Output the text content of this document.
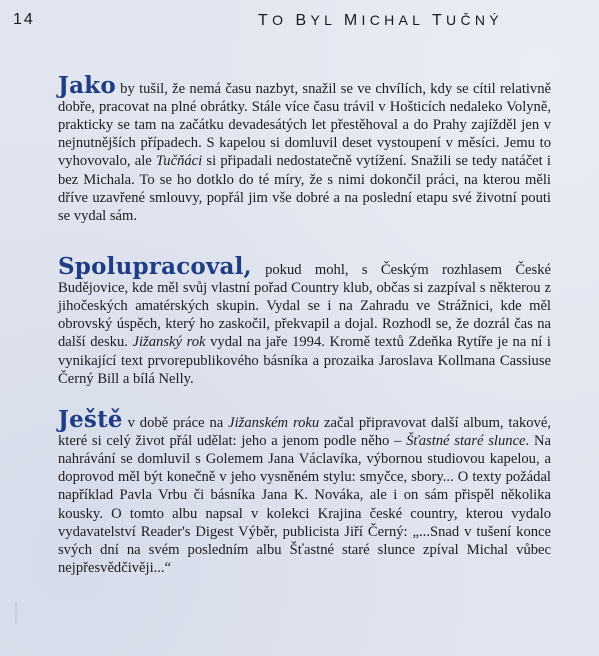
14	TO BYL MICHAL TUČNÝ

Jako by tušil, že nemá času nazbyt, snažil se ve chvílích, kdy se cítil relativně dobře, pracovat na plné obrátky. Stále více času trávil v Hošticích nedaleko Volyně, prakticky se tam na začátku devadesátých let přestěhoval a do Prahy zajížděl jen v nejnutnějších případech. S kapelou si domluvil deset vystoupení v měsíci. Jemu to vyhovovalo, ale Tučňáci si připadali nedostatečně vytížení. Snažili se tedy natáčet i bez Michala. To se ho dotklo do té míry, že s nimi dokončil práci, na kterou měli dříve uzavřené smlouvy, popřál jim vše dobré a na poslední etapu své životní pouti se vydal sám.

Spolupracoval, pokud mohl, s Českým rozhlasem České Budějovice, kde měl svůj vlastní pořad Country klub, občas si zazpíval s některou z jihočeských amatérských skupin. Vydal se i na Zahradu ve Strážnici, kde měl obrovský úspěch, který ho zaskočil, překvapil a dojal. Rozhodl se, že dozrál čas na další desku. Jižanský rok vydal na jaře 1994. Kromě textů Zdeňka Rytíře je na ní i vynikající text prvorepublikového básníka a prozaika Jaroslava Kollmana Cassiuse Černý Bill a bílá Nelly.

Ještě v době práce na Jižanském roku začal připravovat další album, takové, které si celý život přál udělat: jeho a jenom podle něho – Šťastné staré slunce. Na nahrávání se domluvil s Golemem Jana Václavíka, výbornou studiovou kapelou, a doprovod měl být konečně v jeho vysněném stylu: smyčce, sbory... O texty požádal například Pavla Vrbu či básníka Jana K. Nováka, ale i on sám přispěl několika kousky. O tomto albu napsal v kolekci Krajina české country, kterou vydalo vydavatelství Reader's Digest Výběr, publicista Jiří Černý: „...Snad v tušení konce svých dní na svém posledním albu Šťastné staré slunce zpíval Michal vůbec nejpřesvědčivěji...“
